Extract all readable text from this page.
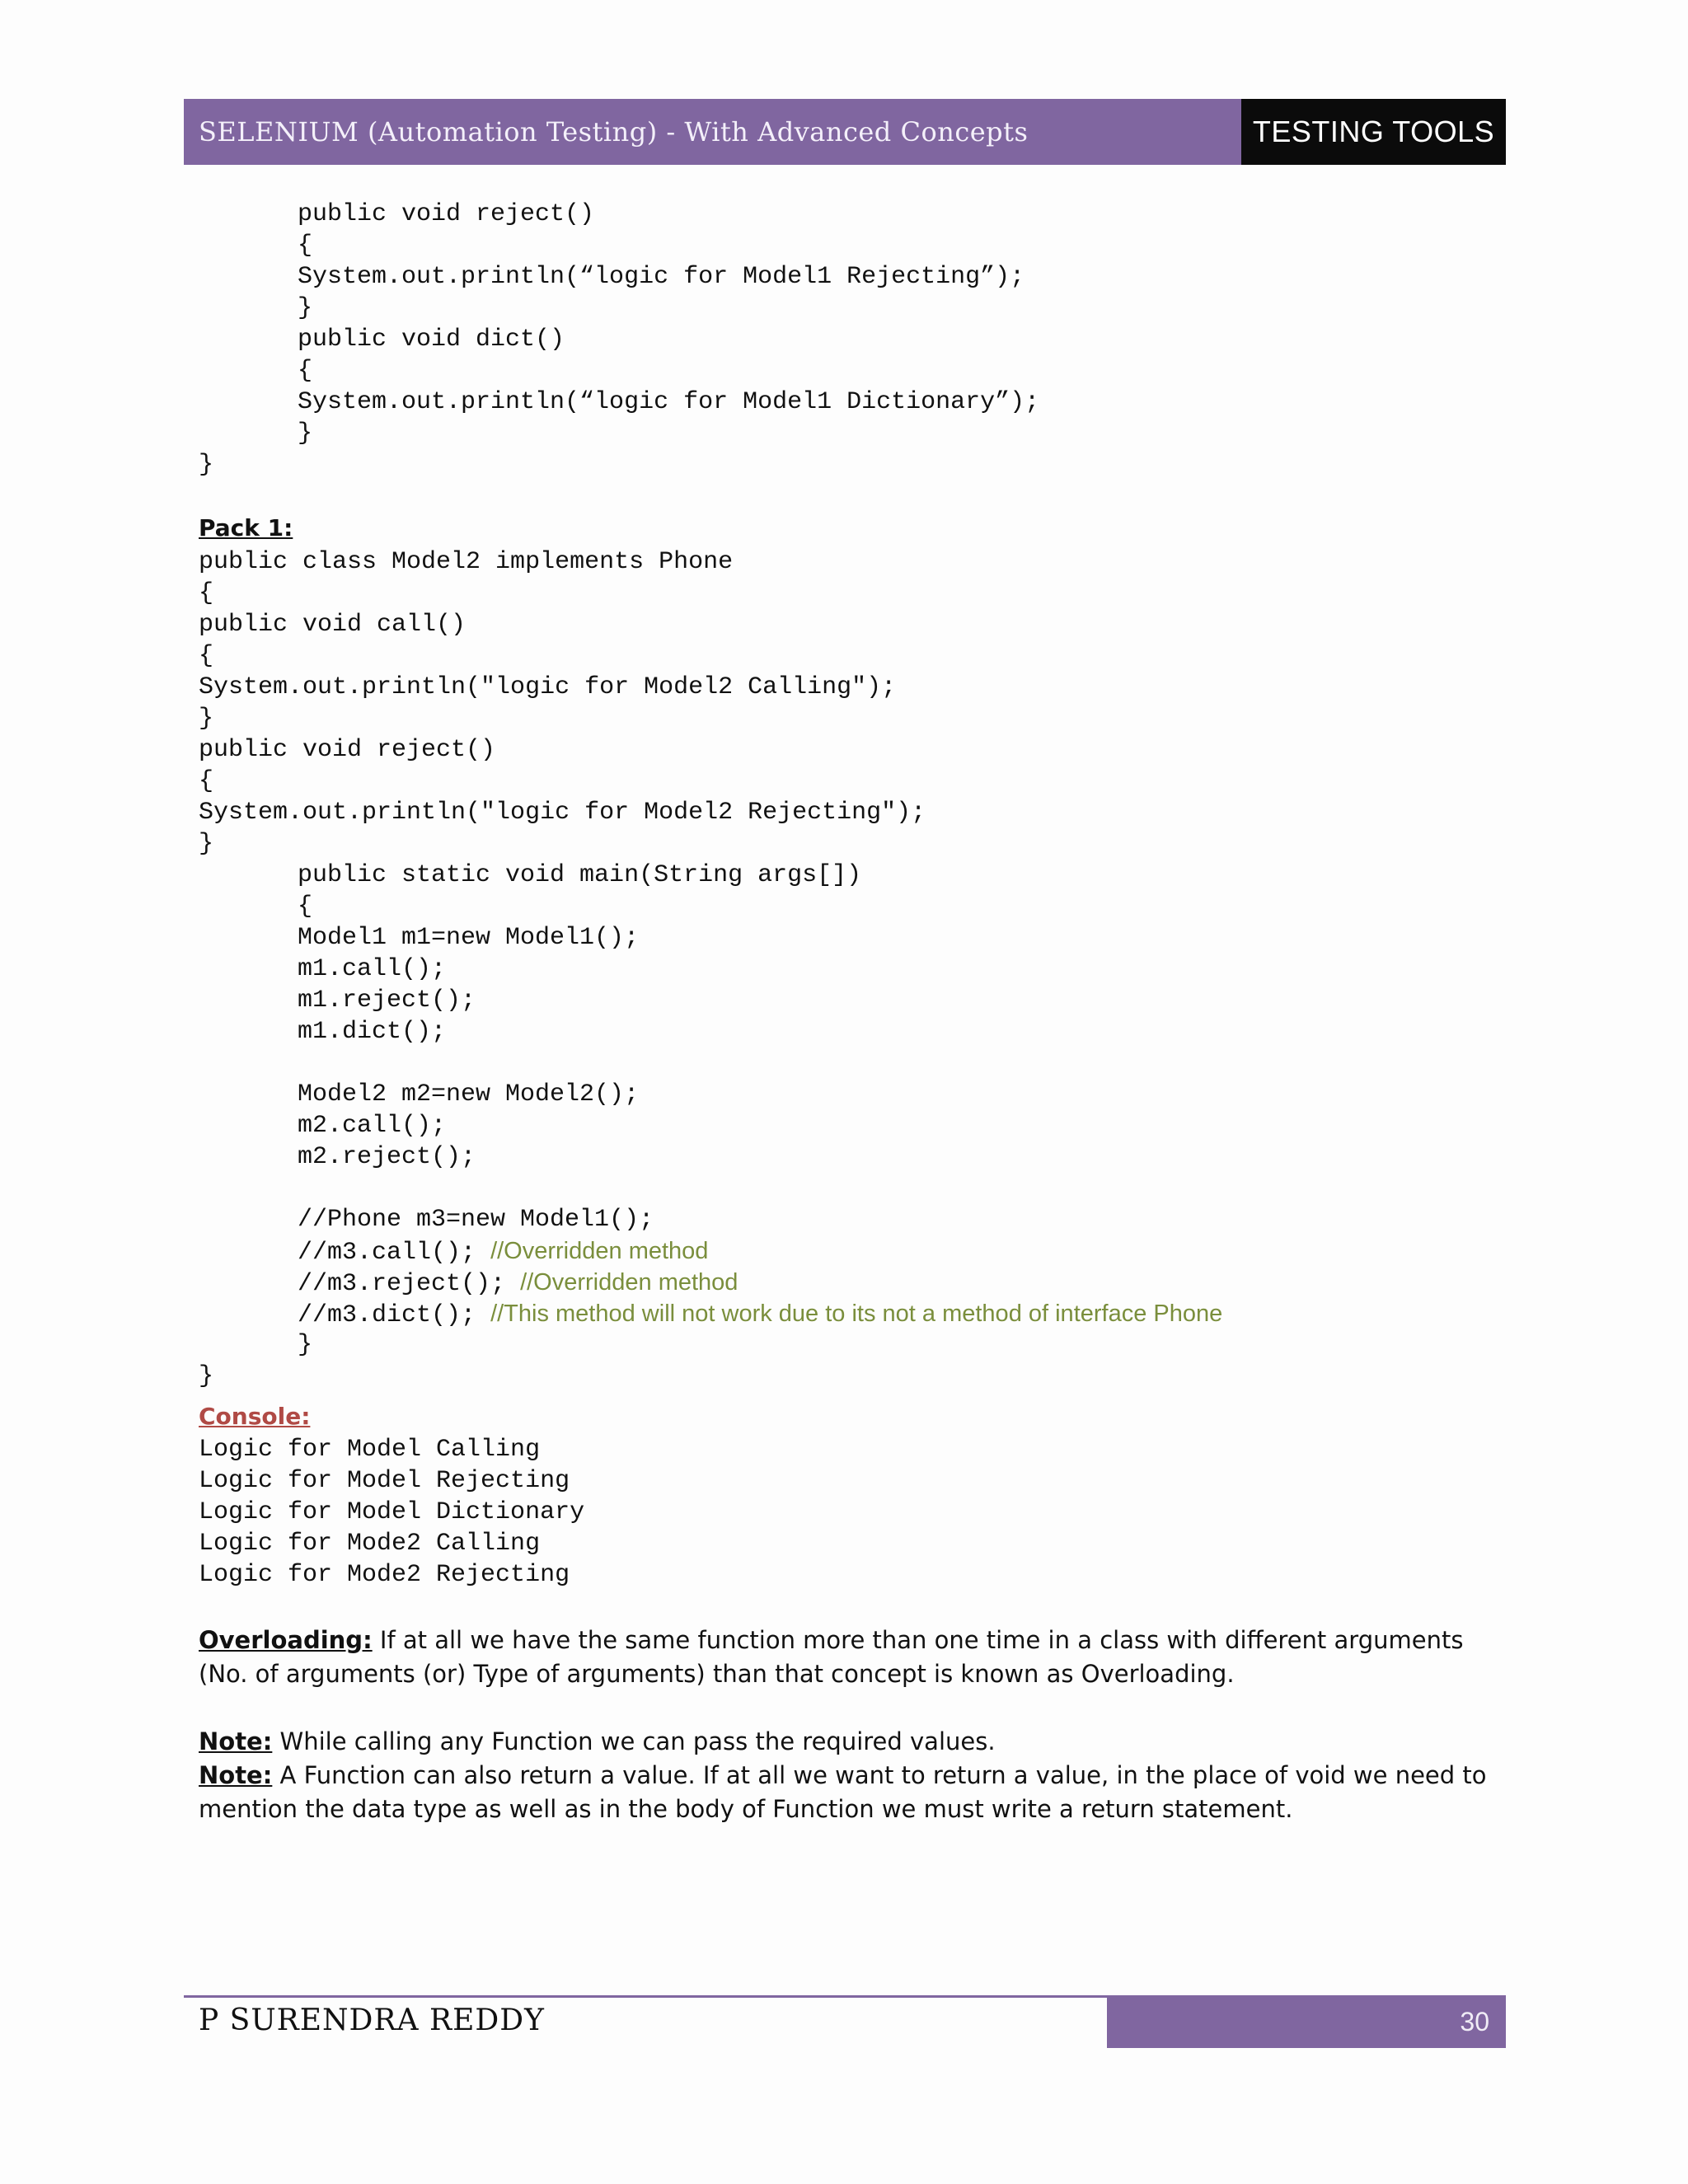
SELENIUM (Automation Testing) - With Advanced Concepts	TESTING TOOLS
public void reject()
{
System.out.println(“logic for Model1 Rejecting”);
}
public void dict()
{
System.out.println(“logic for Model1 Dictionary”);
}
}
Pack 1:
public class Model2 implements Phone
{
public void call()
{
System.out.println("logic for Model2 Calling");
}
public void reject()
{
System.out.println("logic for Model2 Rejecting");
}
public static void main(String args[])
{
Model1 m1=new Model1();
m1.call();
m1.reject();
m1.dict();
Model2 m2=new Model2();
m2.call();
m2.reject();
//Phone m3=new Model1();
//m3.call(); //Overridden method
//m3.reject(); //Overridden method
//m3.dict(); //This method will not work due to its not a method of interface Phone
}
}
Console:
Logic for Model Calling
Logic for Model Rejecting
Logic for Model Dictionary
Logic for Mode2 Calling
Logic for Mode2 Rejecting
Overloading: If at all we have the same function more than one time in a class with different arguments (No. of arguments (or) Type of arguments) than that concept is known as Overloading.
Note: While calling any Function we can pass the required values.
Note: A Function can also return a value. If at all we want to return a value, in the place of void we need to mention the data type as well as in the body of Function we must write a return statement.
P SURENDRA REDDY	30
